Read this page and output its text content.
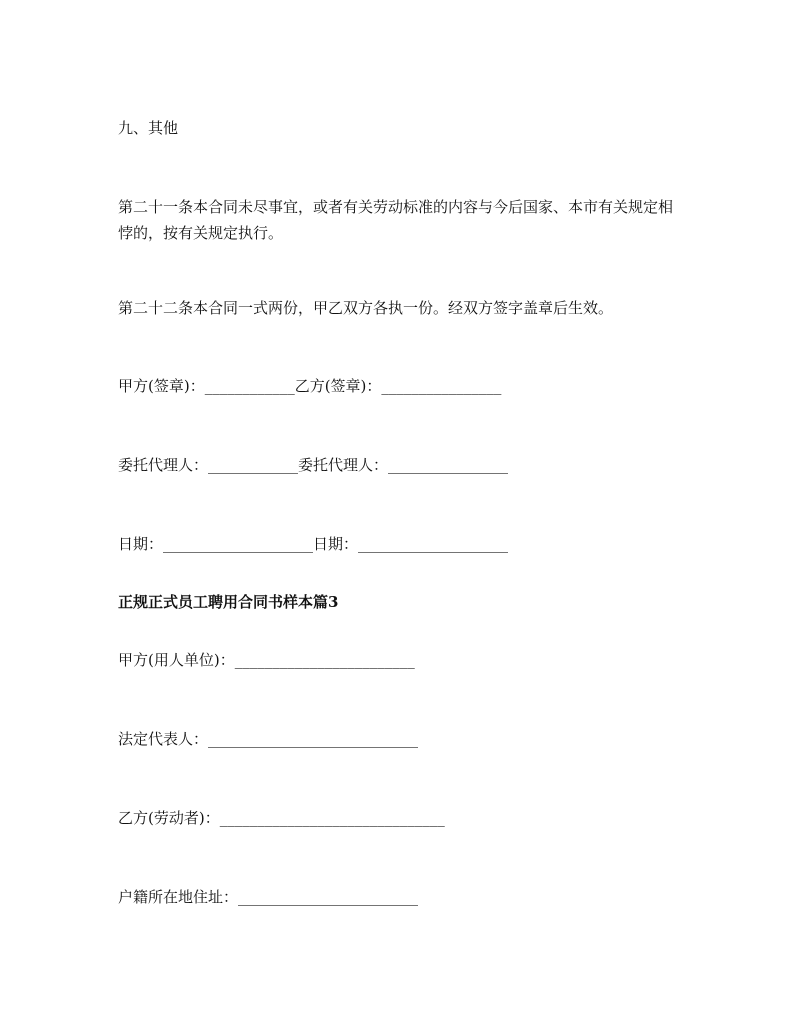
九、其他
第二十一条本合同未尽事宜，或者有关劳动标准的内容与今后国家、本市有关规定相悖的，按有关规定执行。
第二十二条本合同一式两份，甲乙双方各执一份。经双方签字盖章后生效。
甲方(签章)：____________乙方(签章)：________________
委托代理人：____________委托代理人：________________
日期：____________________日期：____________________
正规正式员工聘用合同书样本篇3
甲方(用人单位)：________________________
法定代表人：____________________________
乙方(劳动者)：______________________________
户籍所在地住址：________________________
